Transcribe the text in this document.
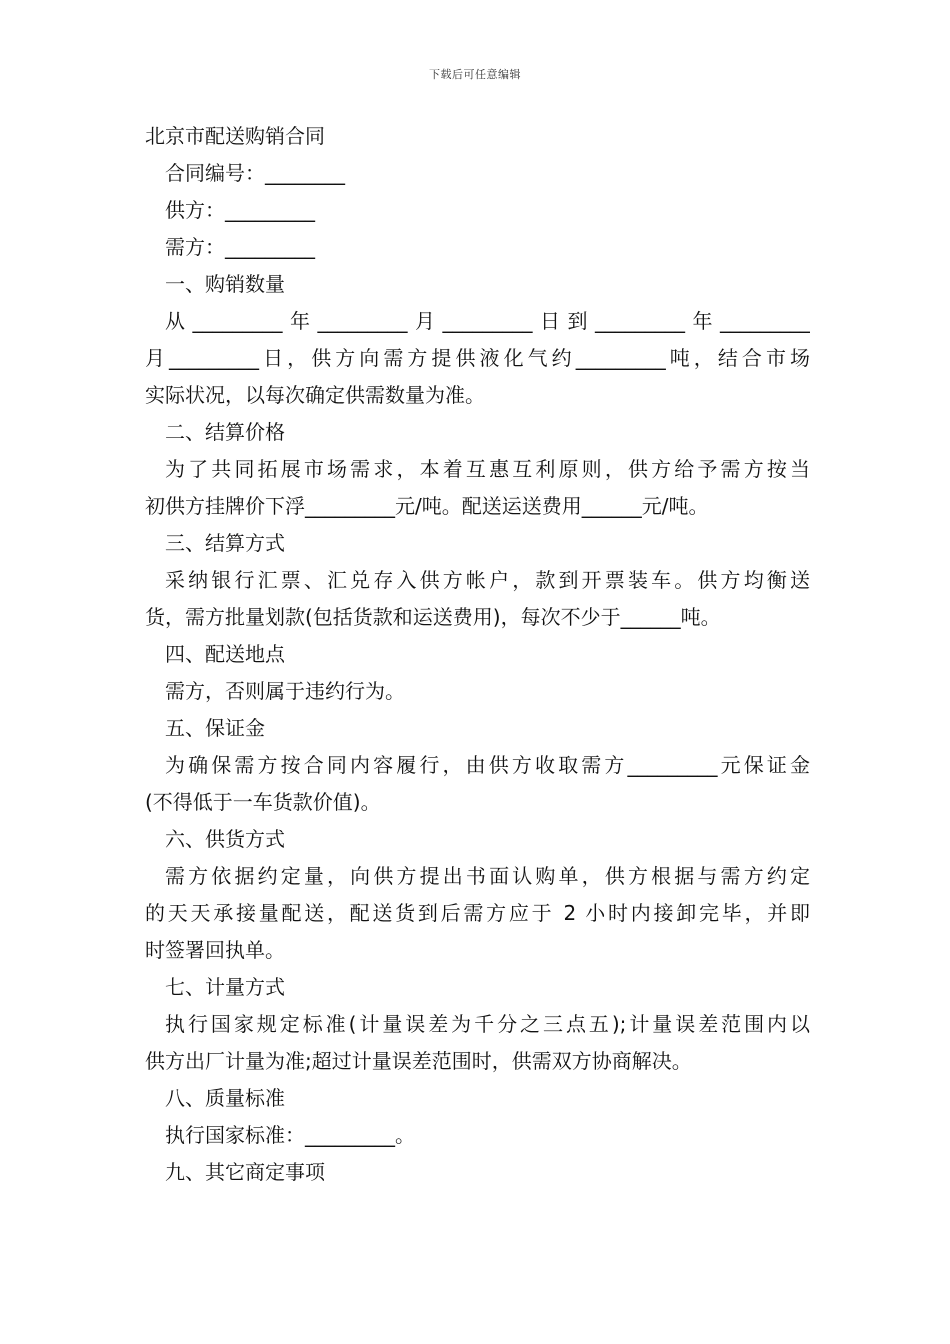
下载后可任意编辑
北京市配送购销合同
合同编号：________
供方：_________
需方：_________
一、购销数量
从_________年_________月_________日到_________年_________
月_________日，供方向需方提供液化气约_________吨，结合市场
实际状况，以每次确定供需数量为准。
二、结算价格
为了共同拓展市场需求，本着互惠互利原则，供方给予需方按当
初供方挂牌价下浮_________元/吨。配送运送费用______元/吨。
三、结算方式
采纳银行汇票、汇兑存入供方帐户，款到开票装车。供方均衡送
货，需方批量划款(包括货款和运送费用)，每次不少于______吨。
四、配送地点
需方，否则属于违约行为。
五、保证金
为确保需方按合同内容履行，由供方收取需方_________元保证金
(不得低于一车货款价值)。
六、供货方式
需方依据约定量，向供方提出书面认购单，供方根据与需方约定
的天天承接量配送，配送货到后需方应于 2 小时内接卸完毕，并即
时签署回执单。
七、计量方式
执行国家规定标准(计量误差为千分之三点五);计量误差范围内以
供方出厂计量为准;超过计量误差范围时，供需双方协商解决。
八、质量标准
执行国家标准：_________。
九、其它商定事项
